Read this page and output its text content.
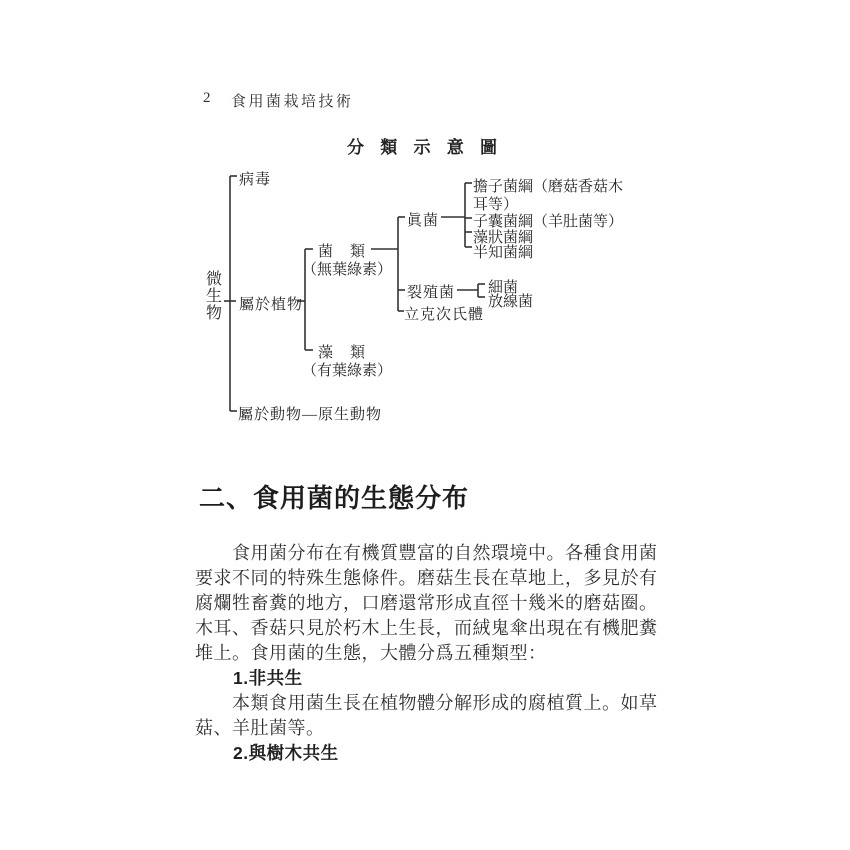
2 食用菌栽培技術
分 類 示 意 圖
微生物
病毒
屬於植物
屬於動物—原生動物
菌　類
（無葉綠素）
藻　類
（有葉綠素）
眞菌
裂殖菌
立克次氏體
擔子菌綱（磨菇香菇木
耳等）
子囊菌綱（羊肚菌等）
藻狀菌綱
半知菌綱
細菌
放線菌
二、食用菌的生態分布
食用菌分布在有機質豐富的自然環境中。各種食用菌
要求不同的特殊生態條件。磨菇生長在草地上，多見於有
腐爛牲畜糞的地方，口磨還常形成直徑十幾米的磨菇圈。
木耳、香菇只見於朽木上生長，而絨鬼傘出現在有機肥糞
堆上。食用菌的生態，大體分爲五種類型：
1.非共生
本類食用菌生長在植物體分解形成的腐植質上。如草
菇、羊肚菌等。
2.與樹木共生
